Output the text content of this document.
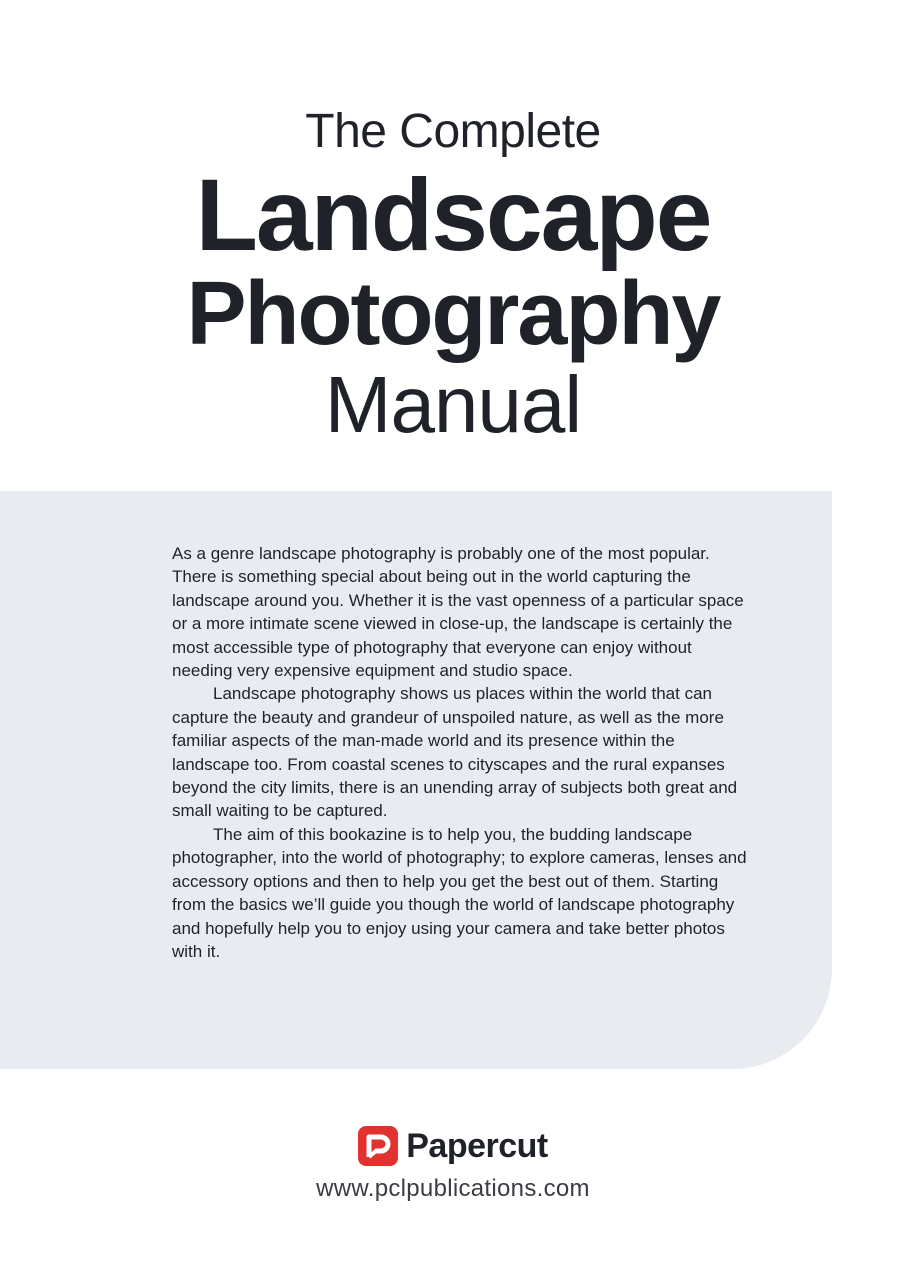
The Complete
Landscape
Photography
Manual

As a genre landscape photography is probably one of the most popular. There is something special about being out in the world capturing the landscape around you. Whether it is the vast openness of a particular space or a more intimate scene viewed in close-up, the landscape is certainly the most accessible type of photography that everyone can enjoy without needing very expensive equipment and studio space.

Landscape photography shows us places within the world that can capture the beauty and grandeur of unspoiled nature, as well as the more familiar aspects of the man-made world and its presence within the landscape too. From coastal scenes to cityscapes and the rural expanses beyond the city limits, there is an unending array of subjects both great and small waiting to be captured.

The aim of this bookazine is to help you, the budding landscape photographer, into the world of photography; to explore cameras, lenses and accessory options and then to help you get the best out of them. Starting from the basics we’ll guide you though the world of landscape photography and hopefully help you to enjoy using your camera and take better photos with it.

Papercut
www.pclpublications.com
